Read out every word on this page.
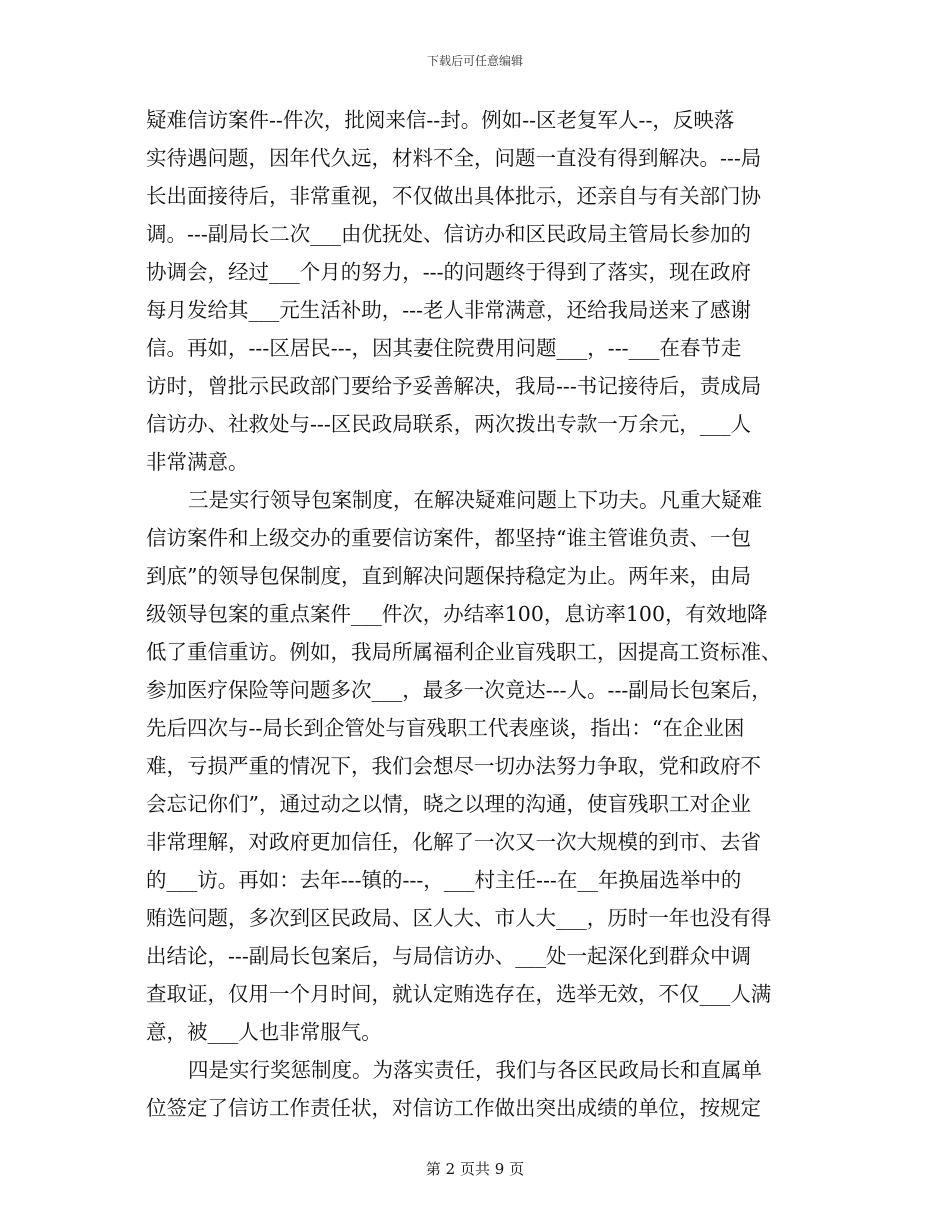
下载后可任意编辑
疑难信访案件--件次，批阅来信--封。例如--区老复军人--，反映落
实待遇问题，因年代久远，材料不全，问题一直没有得到解决。---局
长出面接待后，非常重视，不仅做出具体批示，还亲自与有关部门协
调。---副局长二次___由优抚处、信访办和区民政局主管局长参加的
协调会，经过___个月的努力，---的问题终于得到了落实，现在政府
每月发给其___元生活补助，---老人非常满意，还给我局送来了感谢
信。再如，---区居民---，因其妻住院费用问题___，---___在春节走
访时，曾批示民政部门要给予妥善解决，我局---书记接待后，责成局
信访办、社救处与---区民政局联系，两次拨出专款一万余元，___人
非常满意。
三是实行领导包案制度，在解决疑难问题上下功夫。凡重大疑难
信访案件和上级交办的重要信访案件，都坚持“谁主管谁负责、一包
到底”的领导包保制度，直到解决问题保持稳定为止。两年来，由局
级领导包案的重点案件___件次，办结率100，息访率100，有效地降
低了重信重访。例如，我局所属福利企业盲残职工，因提高工资标准、
参加医疗保险等问题多次___，最多一次竟达---人。---副局长包案后，
先后四次与--局长到企管处与盲残职工代表座谈，指出：“在企业困
难，亏损严重的情况下，我们会想尽一切办法努力争取，党和政府不
会忘记你们”，通过动之以情，晓之以理的沟通，使盲残职工对企业
非常理解，对政府更加信任，化解了一次又一次大规模的到市、去省
的___访。再如：去年---镇的---，___村主任---在__年换届选举中的
贿选问题，多次到区民政局、区人大、市人大___，历时一年也没有得
出结论，---副局长包案后，与局信访办、___处一起深化到群众中调
查取证，仅用一个月时间，就认定贿选存在，选举无效，不仅___人满
意，被___人也非常服气。
四是实行奖惩制度。为落实责任，我们与各区民政局长和直属单
位签定了信访工作责任状，对信访工作做出突出成绩的单位，按规定
第 2 页共 9 页
